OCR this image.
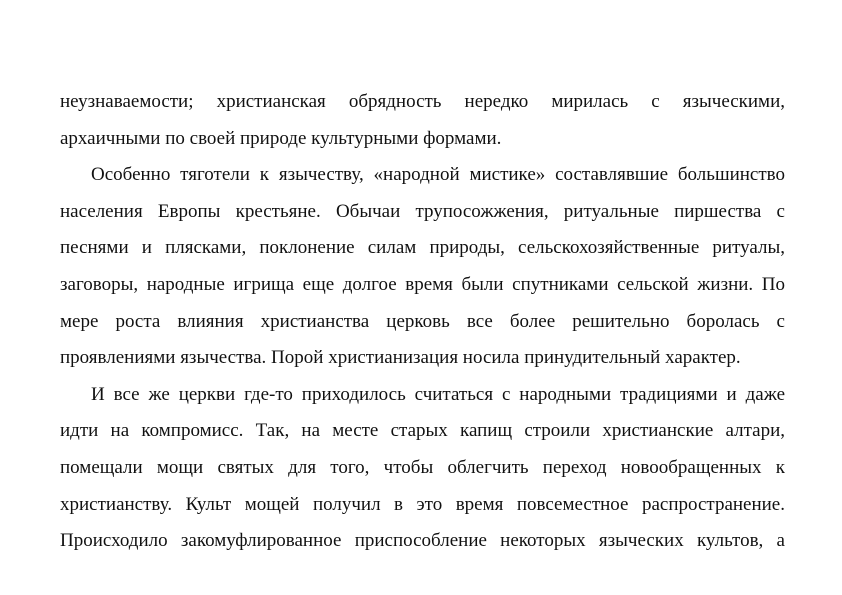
неузнаваемости; христианская обрядность нередко мирилась с языческими,
архаичными по своей природе культурными формами.
Особенно тяготели к язычеству, «народной мистике» составлявшие большинство
населения Европы крестьяне. Обычаи трупосожжения, ритуальные пиршества с
песнями и плясками, поклонение силам природы, сельскохозяйственные ритуалы,
заговоры, народные игрища еще долгое время были спутниками сельской жизни. По
мере роста влияния христианства церковь все более решительно боролась с
проявлениями язычества. Порой христианизация носила принудительный характер.
И все же церкви где-то приходилось считаться с народными традициями и даже
идти на компромисс. Так, на месте старых капищ строили христианские алтари,
помещали мощи святых для того, чтобы облегчить переход новообращенных к
христианству. Культ мощей получил в это время повсеместное распространение.
Происходило закомуфлированное приспособление некоторых языческих культов, а
